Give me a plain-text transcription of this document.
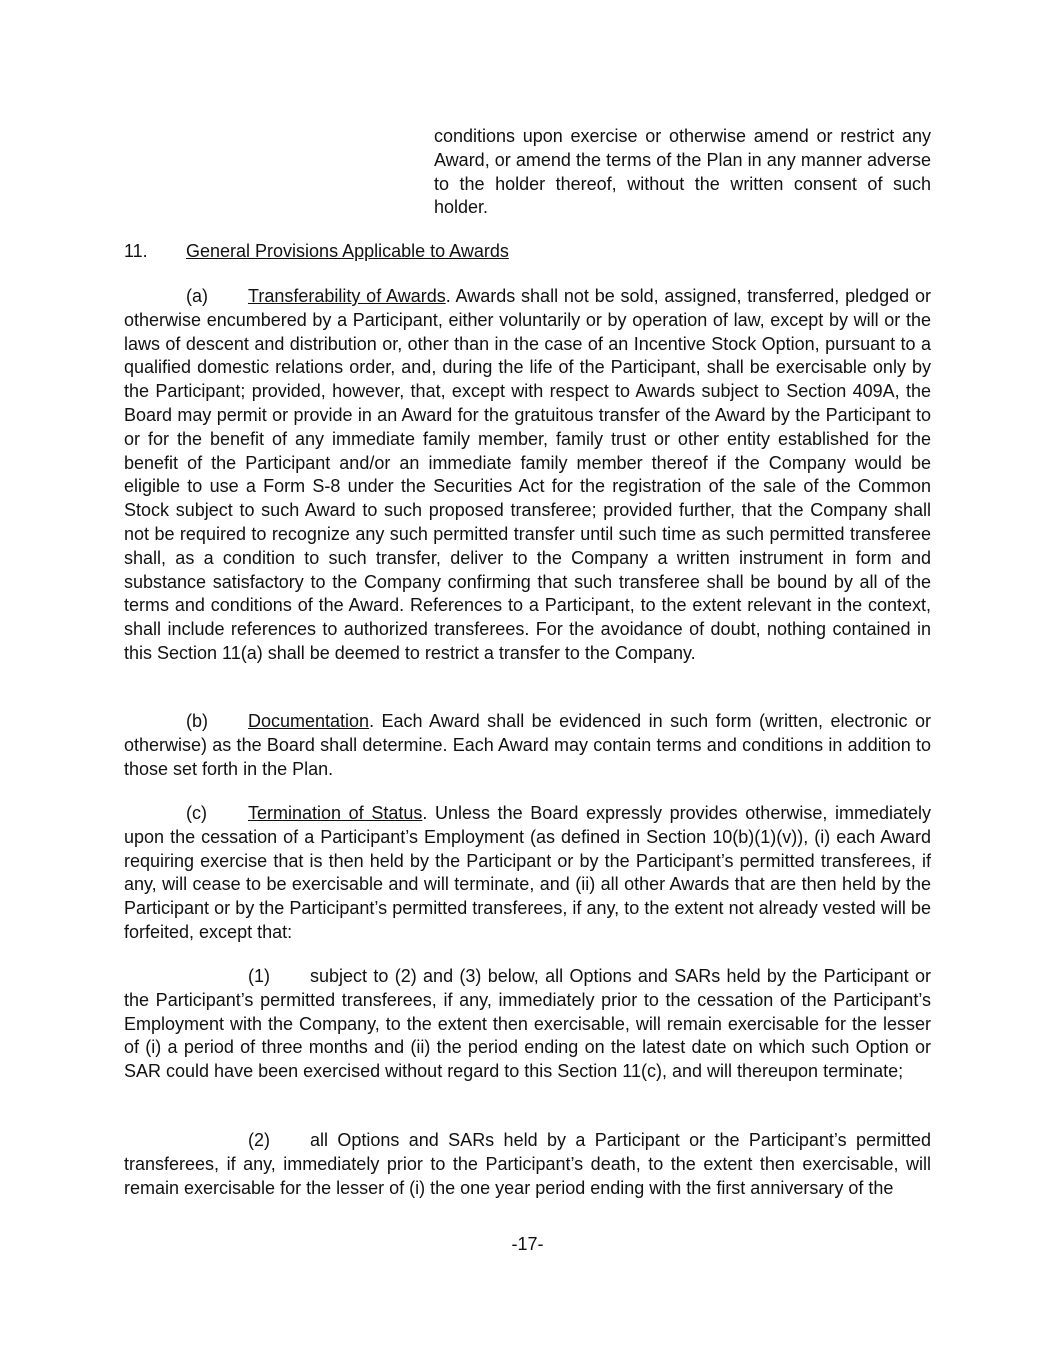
conditions upon exercise or otherwise amend or restrict any Award, or amend the terms of the Plan in any manner adverse to the holder thereof, without the written consent of such holder.

11. General Provisions Applicable to Awards

(a) Transferability of Awards. Awards shall not be sold, assigned, transferred, pledged or otherwise encumbered by a Participant, either voluntarily or by operation of law, except by will or the laws of descent and distribution or, other than in the case of an Incentive Stock Option, pursuant to a qualified domestic relations order, and, during the life of the Participant, shall be exercisable only by the Participant; provided, however, that, except with respect to Awards subject to Section 409A, the Board may permit or provide in an Award for the gratuitous transfer of the Award by the Participant to or for the benefit of any immediate family member, family trust or other entity established for the benefit of the Participant and/or an immediate family member thereof if the Company would be eligible to use a Form S-8 under the Securities Act for the registration of the sale of the Common Stock subject to such Award to such proposed transferee; provided further, that the Company shall not be required to recognize any such permitted transfer until such time as such permitted transferee shall, as a condition to such transfer, deliver to the Company a written instrument in form and substance satisfactory to the Company confirming that such transferee shall be bound by all of the terms and conditions of the Award. References to a Participant, to the extent relevant in the context, shall include references to authorized transferees. For the avoidance of doubt, nothing contained in this Section 11(a) shall be deemed to restrict a transfer to the Company.

(b) Documentation. Each Award shall be evidenced in such form (written, electronic or otherwise) as the Board shall determine. Each Award may contain terms and conditions in addition to those set forth in the Plan.

(c) Termination of Status. Unless the Board expressly provides otherwise, immediately upon the cessation of a Participant’s Employment (as defined in Section 10(b)(1)(v)), (i) each Award requiring exercise that is then held by the Participant or by the Participant’s permitted transferees, if any, will cease to be exercisable and will terminate, and (ii) all other Awards that are then held by the Participant or by the Participant’s permitted transferees, if any, to the extent not already vested will be forfeited, except that:

(1) subject to (2) and (3) below, all Options and SARs held by the Participant or the Participant’s permitted transferees, if any, immediately prior to the cessation of the Participant’s Employment with the Company, to the extent then exercisable, will remain exercisable for the lesser of (i) a period of three months and (ii) the period ending on the latest date on which such Option or SAR could have been exercised without regard to this Section 11(c), and will thereupon terminate;

(2) all Options and SARs held by a Participant or the Participant’s permitted transferees, if any, immediately prior to the Participant’s death, to the extent then exercisable, will remain exercisable for the lesser of (i) the one year period ending with the first anniversary of the

-17-
